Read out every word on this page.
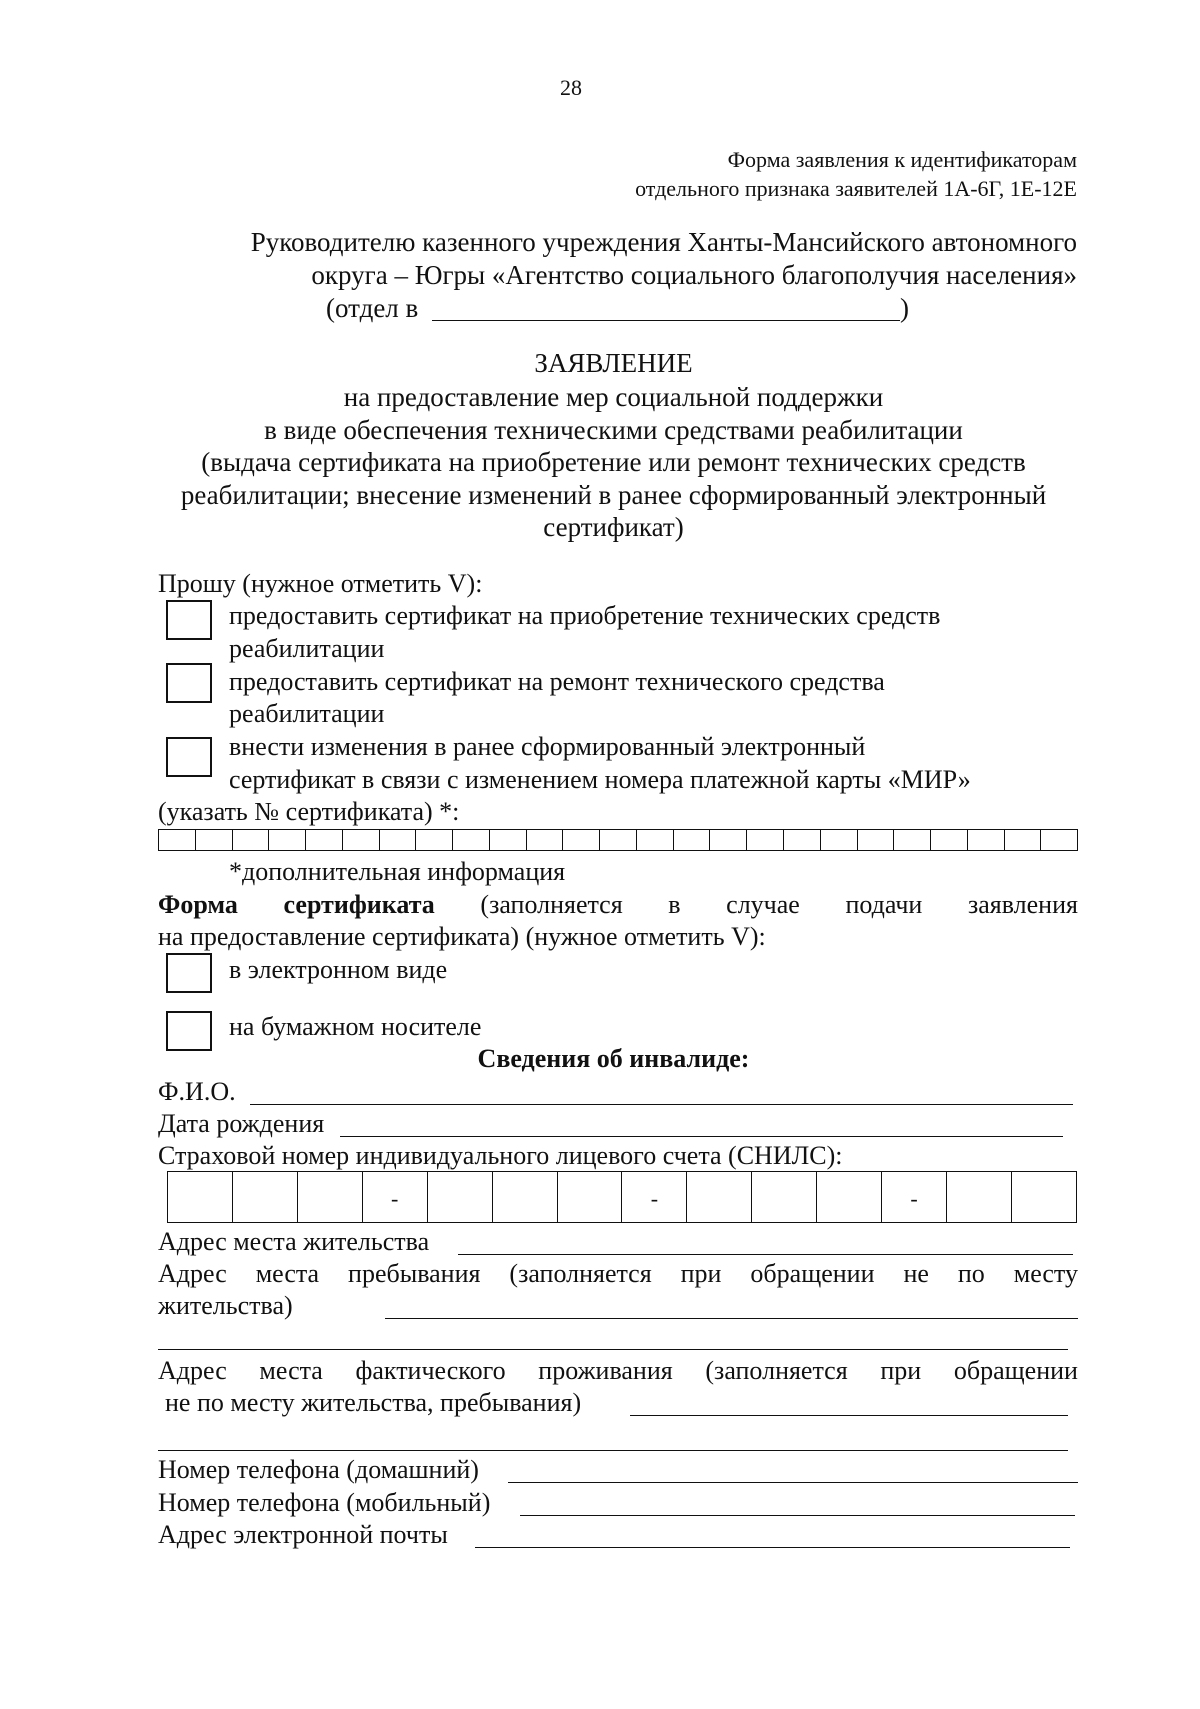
28
Форма заявления к идентификаторам
отдельного признака заявителей 1А-6Г, 1Е-12Е
Руководителю казенного учреждения Ханты-Мансийского автономного
округа – Югры «Агентство социального благополучия населения»
(отдел в	)
ЗАЯВЛЕНИЕ
на предоставление мер социальной поддержки
в виде обеспечения техническими средствами реабилитации
(выдача сертификата на приобретение или ремонт технических средств
реабилитации; внесение изменений в ранее сформированный электронный
сертификат)
Прошу (нужное отметить V):
предоставить сертификат на приобретение технических средств
реабилитации
предоставить сертификат на ремонт технического средства
реабилитации
внести изменения в ранее сформированный электронный
сертификат в связи с изменением номера платежной карты «МИР»
(указать № сертификата) *:
*дополнительная информация
Форма сертификата (заполняется в случае подачи заявления
на предоставление сертификата) (нужное отметить V):
в электронном виде
на бумажном носителе
Сведения об инвалиде:
Ф.И.О.
Дата рождения
Страховой номер индивидуального лицевого счета (СНИЛС):
-	-	-
Адрес места жительства
Адрес места пребывания (заполняется при обращении не по месту
жительства)
Адрес места фактического проживания (заполняется при обращении
не по месту жительства, пребывания)
Номер телефона (домашний)
Номер телефона (мобильный)
Адрес электронной почты
